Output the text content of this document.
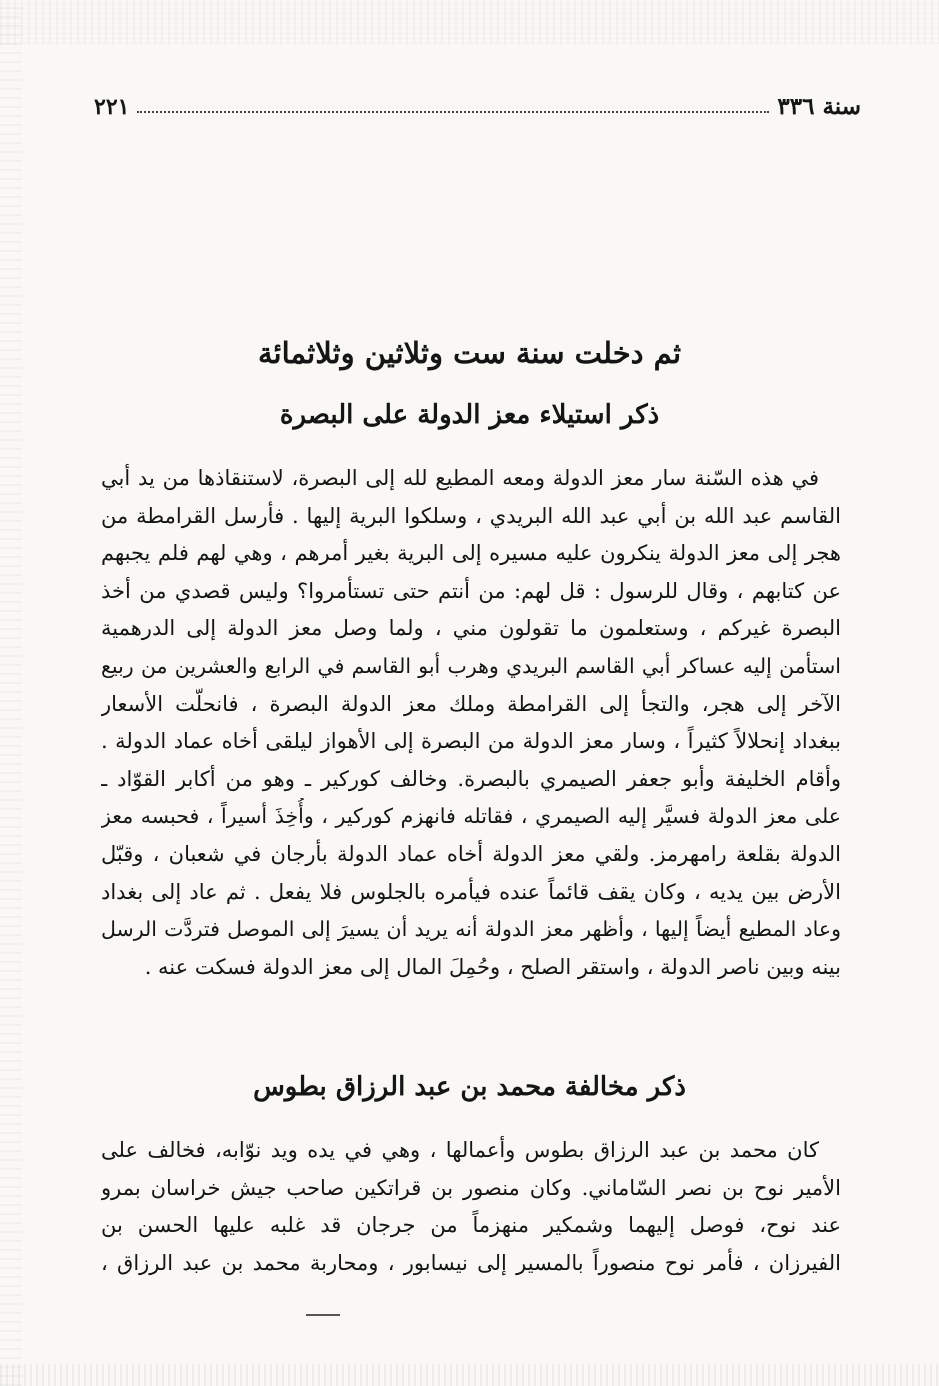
سنة ٣٣٦
٢٢١
ثم دخلت سنة ست وثلاثين وثلاثمائة
ذكر استيلاء معز الدولة على البصرة

في هذه السّنة سار معز الدولة ومعه المطيع لله إلى البصرة، لاستنقاذها من يد أبي
القاسم عبد الله بن أبي عبد الله البريدي ، وسلكوا البرية إليها . فأرسل القرامطة من
هجر إلى معز الدولة ينكرون عليه مسيره إلى البرية بغير أمرهم ، وهي لهم فلم يجبهم
عن كتابهم ، وقال للرسول : قل لهم: من أنتم حتى تستأمروا؟ وليس قصدي من أخذ
البصرة غيركم ، وستعلمون ما تقولون مني ، ولما وصل معز الدولة إلى الدرهمية
استأمن إليه عساكر أبي القاسم البريدي وهرب أبو القاسم في الرابع والعشرين من ربيع
الآخر إلى هجر، والتجأ إلى القرامطة وملك معز الدولة البصرة ، فانحلّت الأسعار
ببغداد إنحلالاً كثيراً ، وسار معز الدولة من البصرة إلى الأهواز ليلقى أخاه عماد الدولة .
وأقام الخليفة وأبو جعفر الصيمري بالبصرة. وخالف كوركير ـ وهو من أكابر القوّاد ـ
على معز الدولة فسيَّر إليه الصيمري ، فقاتله فانهزم كوركير ، وأُخِذَ أسيراً ، فحبسه معز
الدولة بقلعة رامهرمز. ولقي معز الدولة أخاه عماد الدولة بأرجان في شعبان ، وقبّل
الأرض بين يديه ، وكان يقف قائماً عنده فيأمره بالجلوس فلا يفعل . ثم عاد إلى بغداد
وعاد المطيع أيضاً إليها ، وأظهر معز الدولة أنه يريد أن يسيرَ إلى الموصل فتردَّت الرسل
بينه وبين ناصر الدولة ، واستقر الصلح ، وحُمِلَ المال إلى معز الدولة فسكت عنه .

ذكر مخالفة محمد بن عبد الرزاق بطوس

كان محمد بن عبد الرزاق بطوس وأعمالها ، وهي في يده ويد نوّابه، فخالف على
الأمير نوح بن نصر السّاماني. وكان منصور بن قراتكين صاحب جيش خراسان بمرو
عند نوح، فوصل إليهما وشمكير منهزماً من جرجان قد غلبه عليها الحسن بن
الفيرزان ، فأمر نوح منصوراً بالمسير إلى نيسابور ، ومحاربة محمد بن عبد الرزاق ،
